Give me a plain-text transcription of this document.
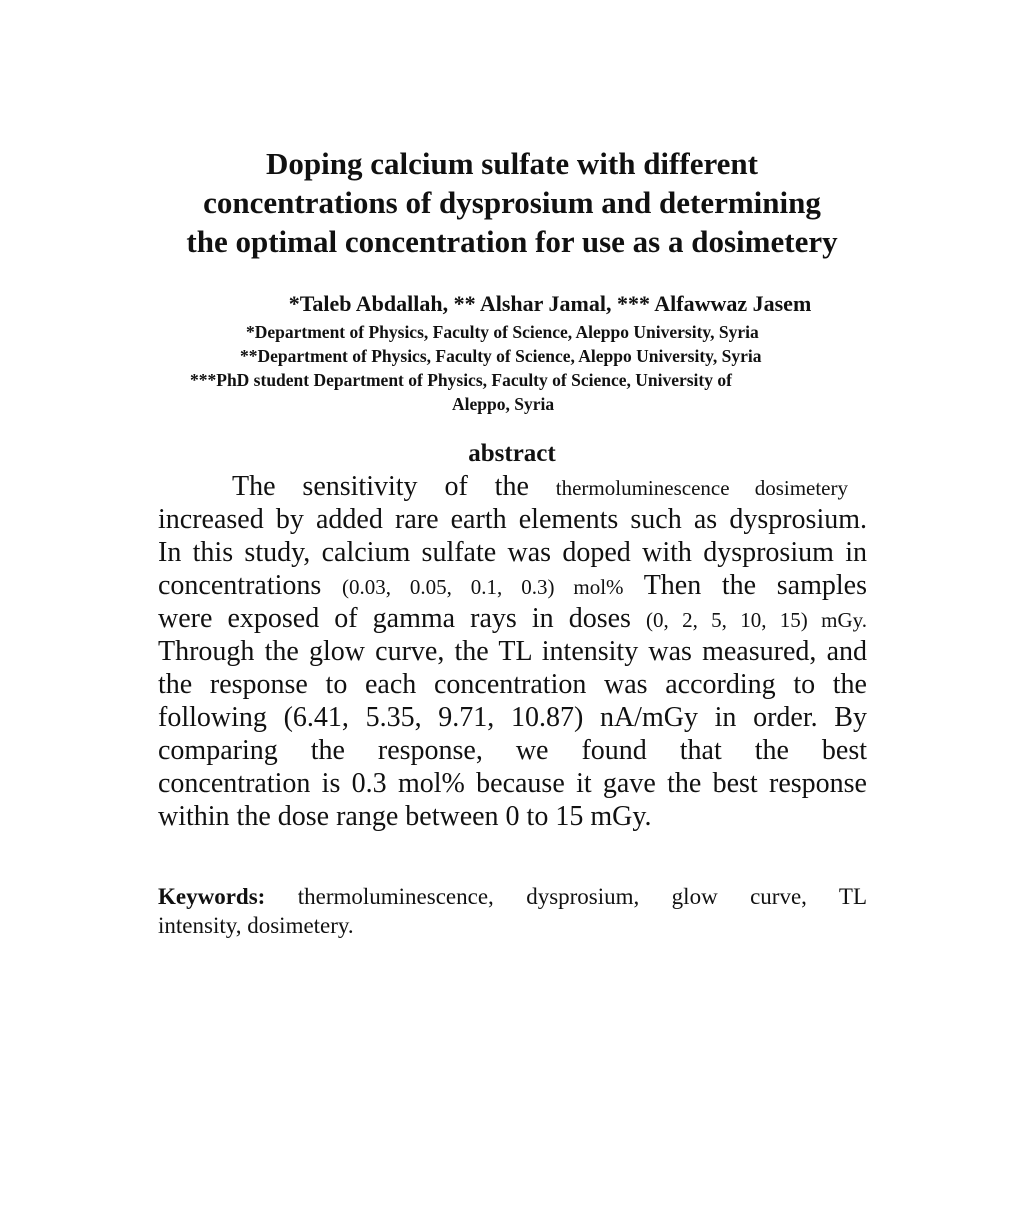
Doping calcium sulfate with different
concentrations of dysprosium and determining
the optimal concentration for use as a dosimetery
*Taleb Abdallah, ** Alshar Jamal, *** Alfawwaz Jasem
*Department of Physics, Faculty of Science, Aleppo University, Syria
**Department of Physics, Faculty of Science, Aleppo University, Syria
***PhD student Department of Physics, Faculty of Science, University of
Aleppo, Syria
abstract
The sensitivity of the thermoluminescence dosimetery
increased by added rare earth elements such as dysprosium.
In this study, calcium sulfate was doped with dysprosium in
concentrations (0.03, 0.05, 0.1, 0.3) mol% Then the samples
were exposed of gamma rays in doses (0, 2, 5, 10, 15) mGy.
Through the glow curve, the TL intensity was measured, and
the response to each concentration was according to the
following (6.41, 5.35, 9.71, 10.87) nA/mGy in order. By
comparing the response, we found that the best
concentration is 0.3 mol% because it gave the best response
within the dose range between 0 to 15 mGy.
Keywords: thermoluminescence, dysprosium, glow curve, TL
intensity, dosimetery.
